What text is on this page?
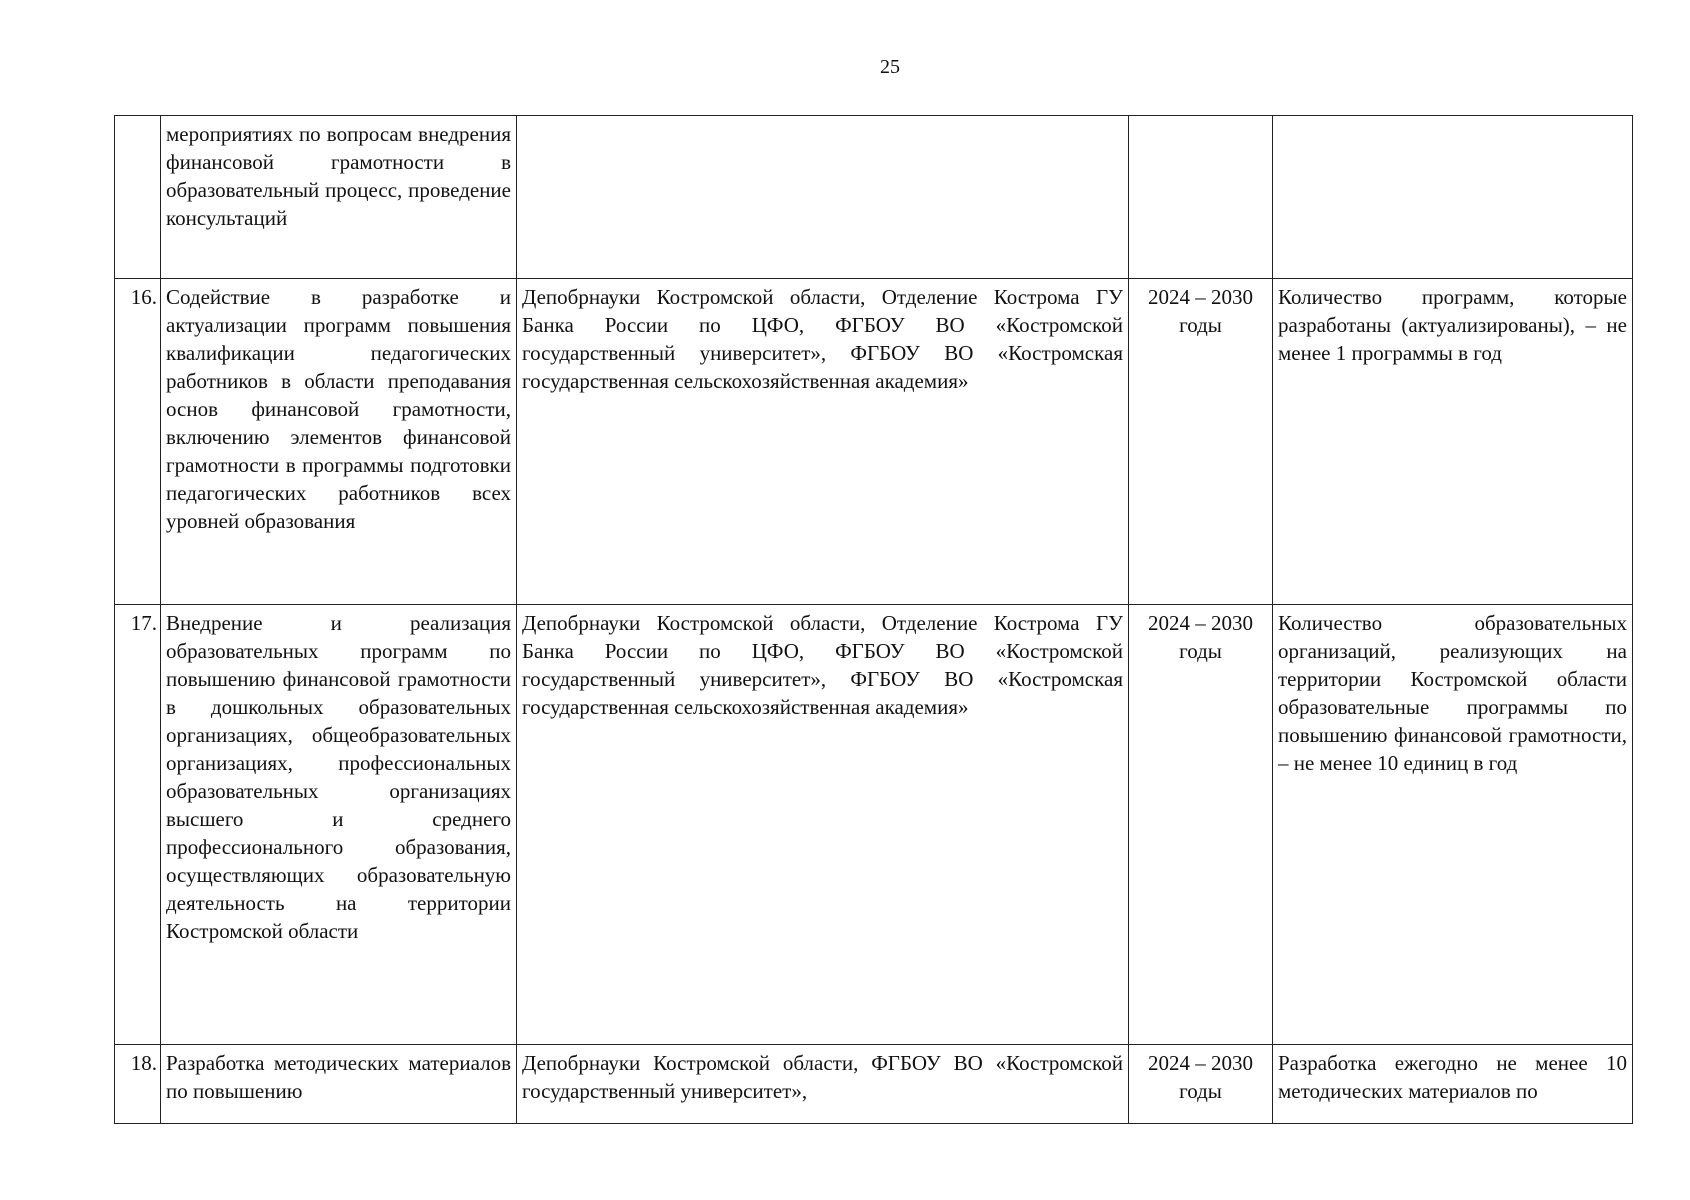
25
	мероприятиях по вопросам внедрения финансовой грамотности в образовательный процесс, проведение консультаций			
16.	Содействие в разработке и актуализации программ повышения квалификации педагогических работников в области преподавания основ финансовой грамотности, включению элементов финансовой грамотности в программы подготовки педагогических работников всех уровней образования	Депобрнауки Костромской области, Отделение Кострома ГУ Банка России по ЦФО, ФГБОУ ВО «Костромской государственный университет», ФГБОУ ВО «Костромская государственная сельскохозяйственная академия»	2024 – 2030 годы	Количество программ, которые разработаны (актуализированы), – не менее 1 программы в год
17.	Внедрение и реализация образовательных программ по повышению финансовой грамотности в дошкольных образовательных организациях, общеобразовательных организациях, профессиональных образовательных организациях высшего и среднего профессионального образования, осуществляющих образовательную деятельность на территории Костромской области	Депобрнауки Костромской области, Отделение Кострома ГУ Банка России по ЦФО, ФГБОУ ВО «Костромской государственный университет», ФГБОУ ВО «Костромская государственная сельскохозяйственная академия»	2024 – 2030 годы	Количество образовательных организаций, реализующих на территории Костромской области образовательные программы по повышению финансовой грамотности, – не менее 10 единиц в год
18.	Разработка методических материалов по повышению	Депобрнауки Костромской области, ФГБОУ ВО «Костромской государственный университет»,	2024 – 2030 годы	Разработка ежегодно не менее 10 методических материалов по
